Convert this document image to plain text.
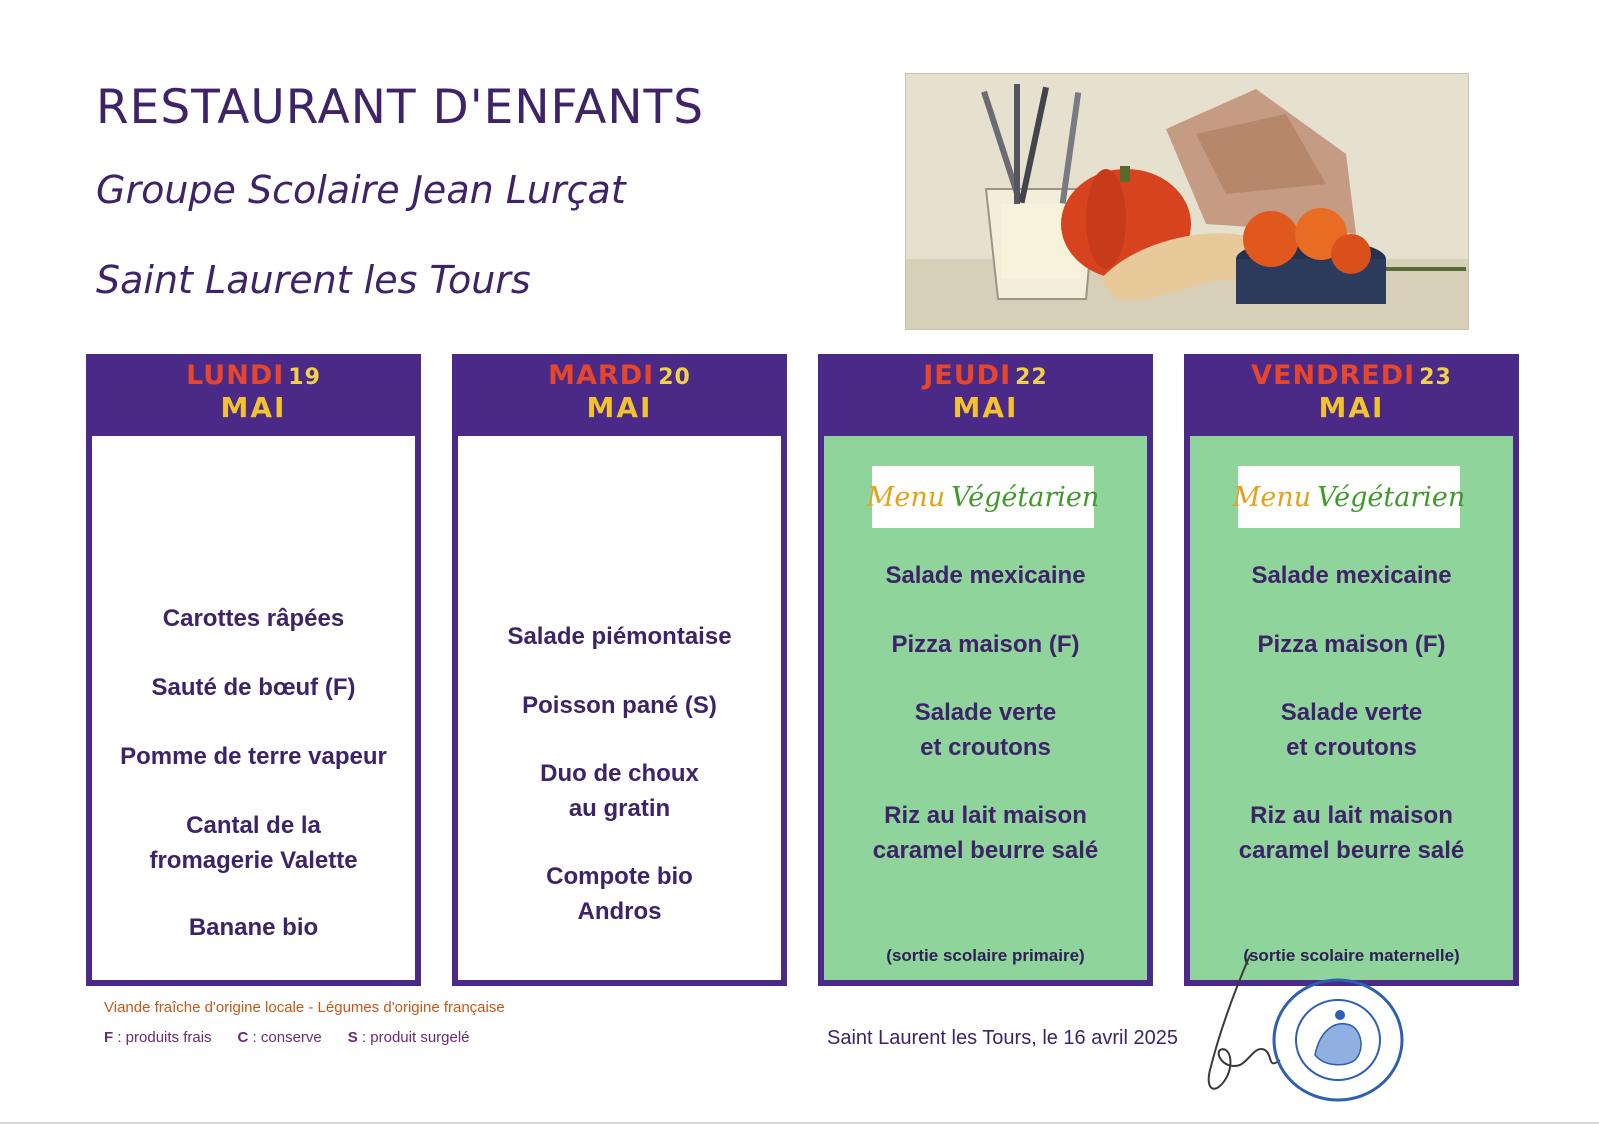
RESTAURANT D'ENFANTS
Groupe Scolaire Jean Lurçat
Saint Laurent les Tours
LUNDI 19
MAI
Carottes râpées
Sauté de bœuf (F)
Pomme de terre vapeur
Cantal de la
fromagerie Valette
Banane bio
MARDI 20
MAI
Salade piémontaise
Poisson pané (S)
Duo de choux
au gratin
Compote bio
Andros
JEUDI 22
MAI
Menu Végétarien
Salade mexicaine
Pizza maison (F)
Salade verte
et croutons
Riz au lait maison
caramel beurre salé
(sortie scolaire primaire)
VENDREDI 23
MAI
Menu Végétarien
Salade mexicaine
Pizza maison (F)
Salade verte
et croutons
Riz au lait maison
caramel beurre salé
(sortie scolaire maternelle)
Viande fraîche d'origine locale - Légumes d'origine française
F : produits frais C : conserve S : produit surgelé	Saint Laurent les Tours, le 16 avril 2025
